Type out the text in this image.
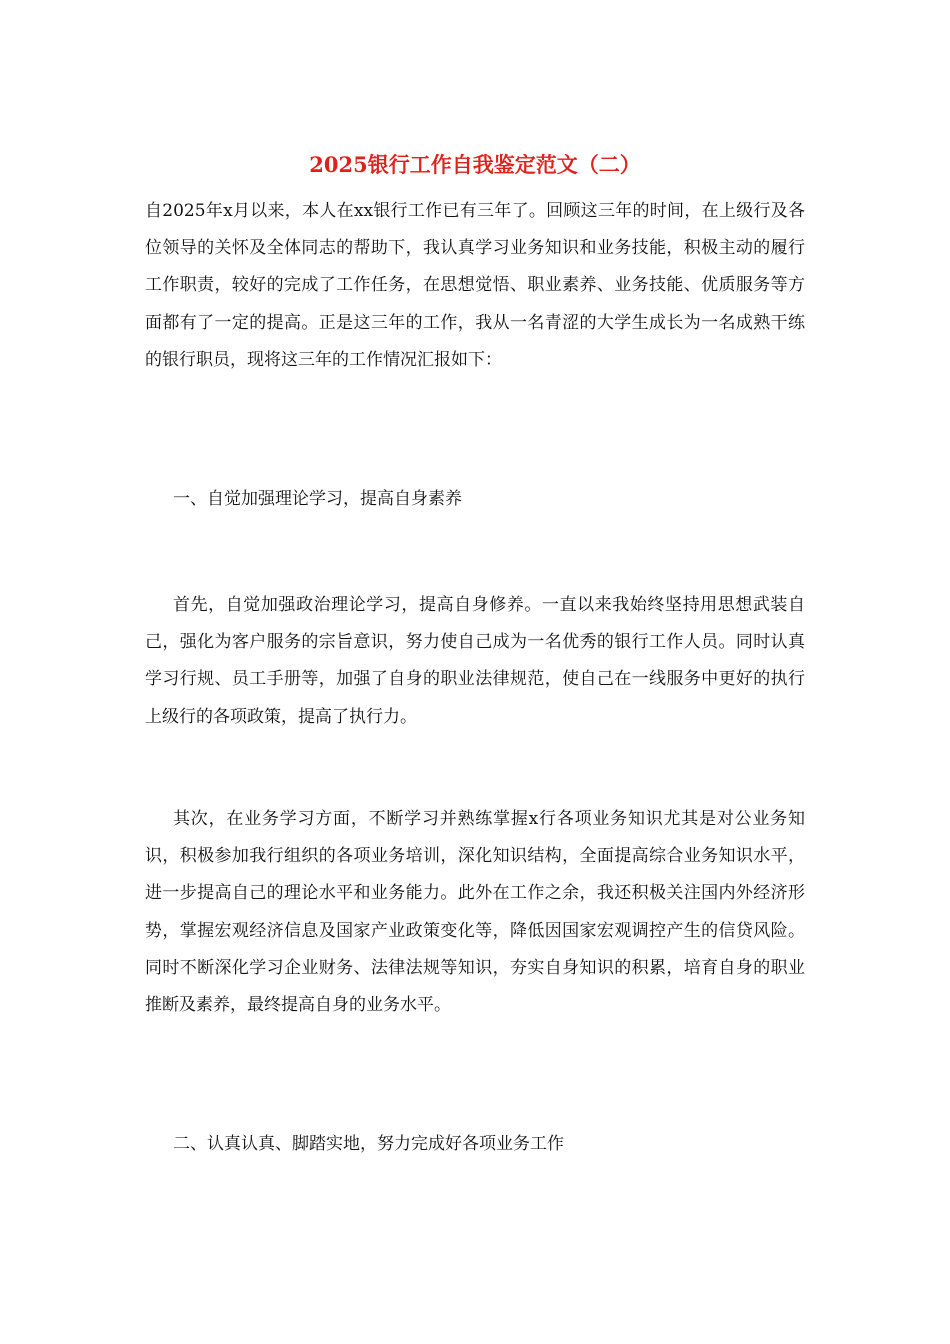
2025银行工作自我鉴定范文（二）

自2025年x月以来，本人在xx银行工作已有三年了。回顾这三年的时间，在上级行及各位领导的关怀及全体同志的帮助下，我认真学习业务知识和业务技能，积极主动的履行工作职责，较好的完成了工作任务，在思想觉悟、职业素养、业务技能、优质服务等方面都有了一定的提高。正是这三年的工作，我从一名青涩的大学生成长为一名成熟干练的银行职员，现将这三年的工作情况汇报如下：

一、自觉加强理论学习，提高自身素养

首先，自觉加强政治理论学习，提高自身修养。一直以来我始终坚持用思想武装自己，强化为客户服务的宗旨意识，努力使自己成为一名优秀的银行工作人员。同时认真学习行规、员工手册等，加强了自身的职业法律规范，使自己在一线服务中更好的执行上级行的各项政策，提高了执行力。

其次，在业务学习方面，不断学习并熟练掌握x行各项业务知识尤其是对公业务知识，积极参加我行组织的各项业务培训，深化知识结构，全面提高综合业务知识水平，进一步提高自己的理论水平和业务能力。此外在工作之余，我还积极关注国内外经济形势，掌握宏观经济信息及国家产业政策变化等，降低因国家宏观调控产生的信贷风险。同时不断深化学习企业财务、法律法规等知识，夯实自身知识的积累，培育自身的职业推断及素养，最终提高自身的业务水平。

二、认真认真、脚踏实地，努力完成好各项业务工作
